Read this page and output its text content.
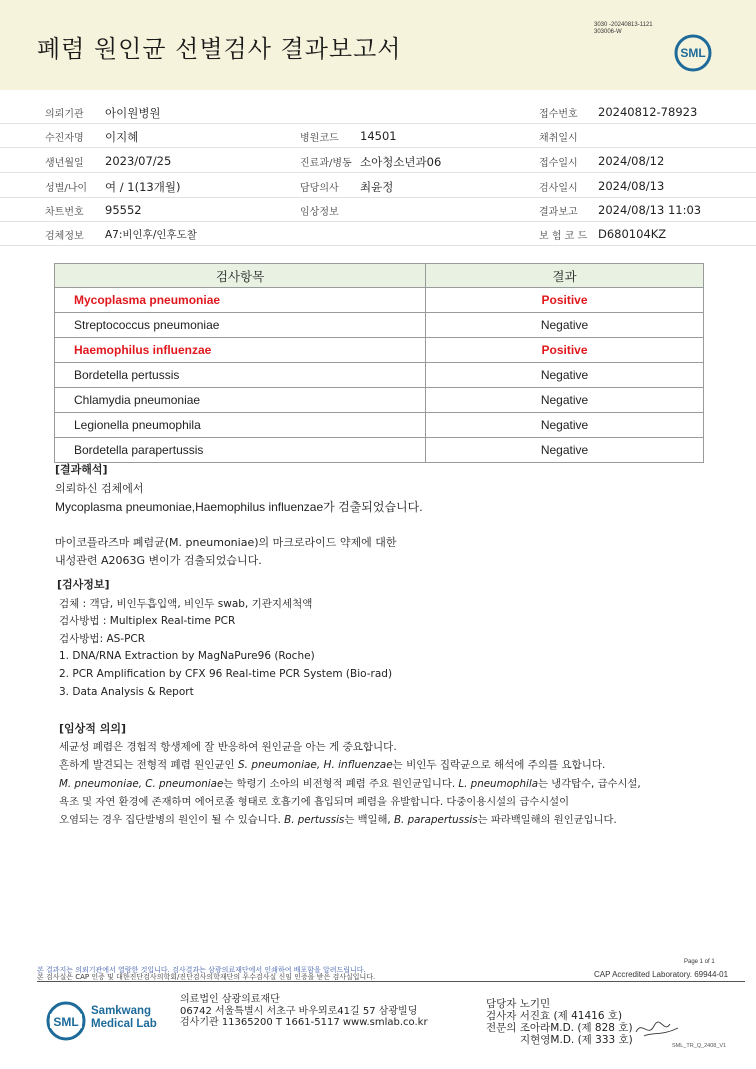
폐렴 원인균 선별검사 결과보고서
3030 -20240813-1121
303006-W
SML
의뢰기관 아이원병원	접수번호 20240812-78923
수진자명 이지혜	병원코드 14501	채취일시
생년월일 2023/07/25	진료과/병동 소아청소년과06	접수일시 2024/08/12
성별/나이 여 / 1(13개월)	담당의사 최윤정	검사일시 2024/08/13
차트번호 95552	임상정보	결과보고 2024/08/13 11:03
검체정보 A7:비인후/인후도찰	보 험 코 드 D680104KZ
검사항목	결과
Mycoplasma pneumoniae	Positive
Streptococcus pneumoniae	Negative
Haemophilus influenzae	Positive
Bordetella pertussis	Negative
Chlamydia pneumoniae	Negative
Legionella pneumophila	Negative
Bordetella parapertussis	Negative
[결과해석]
의뢰하신 검체에서
Mycoplasma pneumoniae,Haemophilus influenzae가 검출되었습니다.
마이코플라즈마 폐렴균(M. pneumoniae)의 마크로라이드 약제에 대한
내성관련 A2063G 변이가 검출되었습니다.
[검사정보]
검체 : 객담, 비인두흡입액, 비인두 swab, 기관지세척액
검사방법 : Multiplex Real-time PCR
검사방법: AS-PCR
1. DNA/RNA Extraction by MagNaPure96 (Roche)
2. PCR Amplification by CFX 96 Real-time PCR System (Bio-rad)
3. Data Analysis & Report
[임상적 의의]
세균성 폐렴은 경험적 항생제에 잘 반응하여 원인균을 아는 게 중요합니다.
흔하게 발견되는 전형적 폐렴 원인균인 S. pneumoniae, H. influenzae는 비인두 집락균으로 해석에 주의를 요합니다.
M. pneumoniae, C. pneumoniae는 학령기 소아의 비전형적 폐렴 주요 원인균입니다. L. pneumophila는 냉각탑수, 급수시설,
욕조 및 자연 환경에 존재하며 에어로졸 형태로 호흡기에 흡입되며 폐렴을 유발합니다. 다중이용시설의 급수시설이
오염되는 경우 집단발병의 원인이 될 수 있습니다. B. pertussis는 백일해, B. parapertussis는 파라백일해의 원인균입니다.
Page 1 of 1
본 결과지는 의뢰기관에서 열람한 것입니다. 검사결과는 삼광의료재단에서 인쇄하여 배포함을 알려드립니다.
본 검사실은 CAP 인증 및 대한진단검사의학회/진단검사의학재단의 우수검사실 신임 인증을 받은 검사실입니다.	CAP Accredited Laboratory. 69944-01
SML
Samkwang
Medical Lab
의료법인 삼광의료재단
06742 서울특별시 서초구 바우뫼로41길 57 삼광빌딩
검사기관 11365200 T 1661-5117 www.smlab.co.kr
담당자 노기민
검사자 서진효 (제 41416 호)
전문의 조아라M.D. (제 828 호)
지현영M.D. (제 333 호)	SML_TR_Q_2408_V1
